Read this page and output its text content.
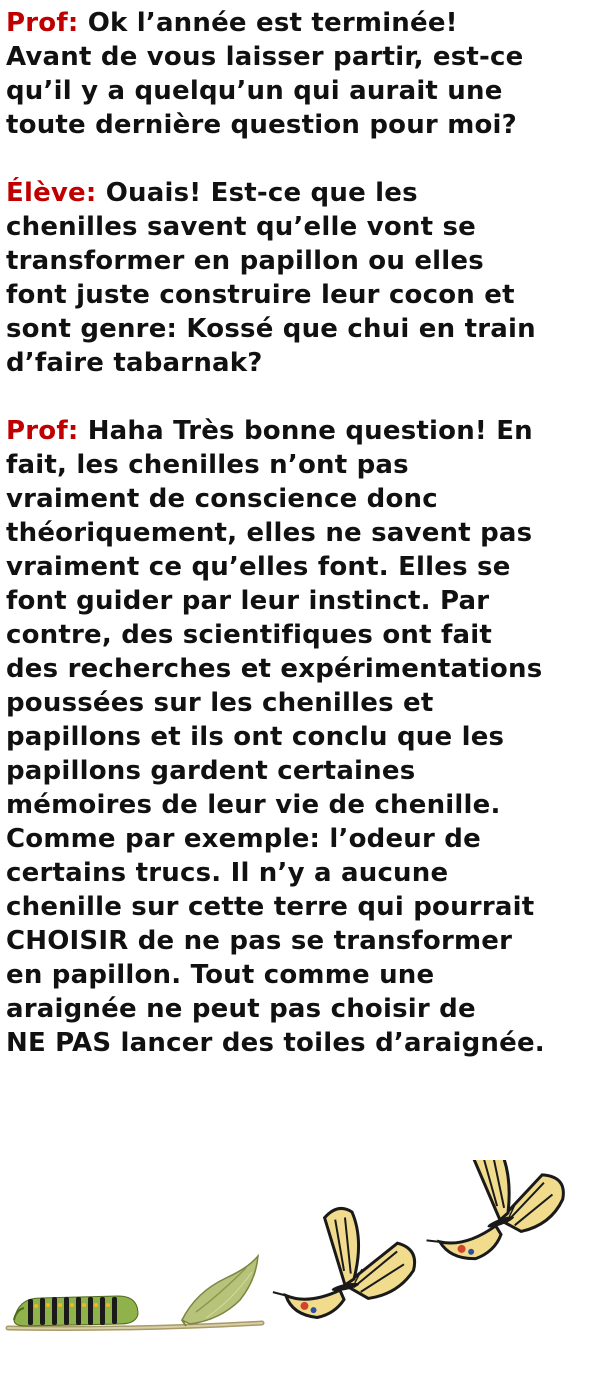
Prof: Ok l’année est terminée!
Avant de vous laisser partir, est-ce
qu’il y a quelqu’un qui aurait une
toute dernière question pour moi?
Élève: Ouais! Est-ce que les
chenilles savent qu’elle vont se
transformer en papillon ou elles
font juste construire leur cocon et
sont genre: Kossé que chui en train
d’faire tabarnak?
Prof: Haha Très bonne question! En
fait, les chenilles n’ont pas
vraiment de conscience donc
théoriquement, elles ne savent pas
vraiment ce qu’elles font. Elles se
font guider par leur instinct. Par
contre, des scientifiques ont fait
des recherches et expérimentations
poussées sur les chenilles et
papillons et ils ont conclu que les
papillons gardent certaines
mémoires de leur vie de chenille.
Comme par exemple: l’odeur de
certains trucs. Il n’y a aucune
chenille sur cette terre qui pourrait
CHOISIR de ne pas se transformer
en papillon. Tout comme une
araignée ne peut pas choisir de
NE PAS lancer des toiles d’araignée.
